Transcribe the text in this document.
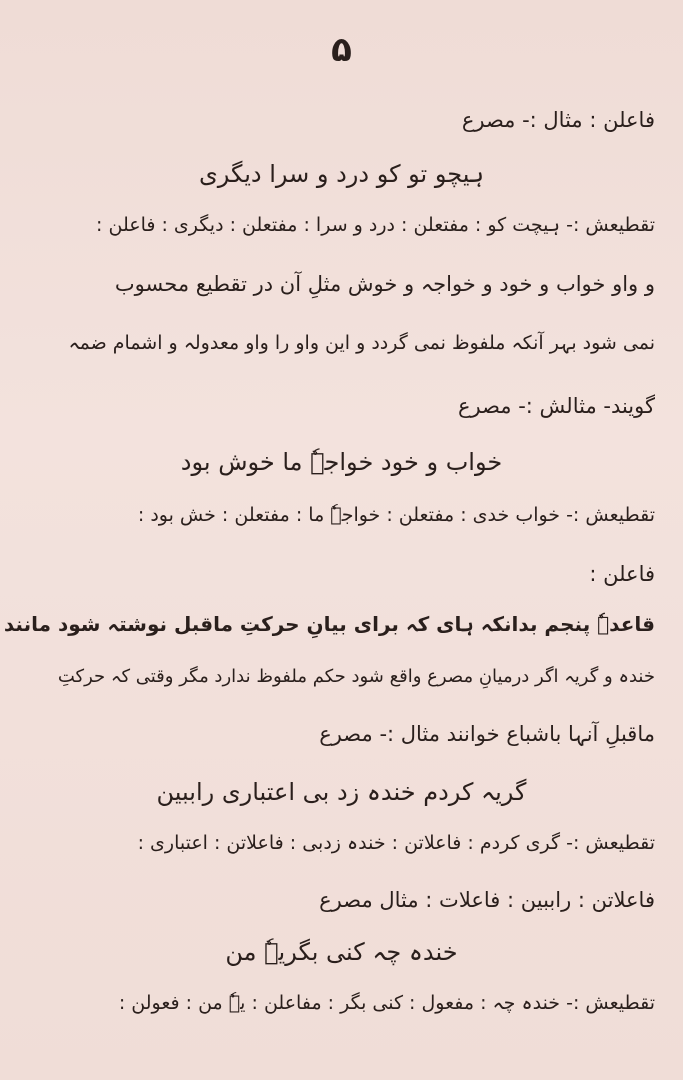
۵
فاعلن : مثال :- مصرع
ہیچو تو کو درد و سرا دیگری
تقطیعش :- ہیچت کو : مفتعلن : درد و سرا : مفتعلن : دیگری : فاعلن :
و واو خواب و خود و خواجہ و خوش مثلِ آن در تقطیع محسوب
نمی شود بہر آنکہ ملفوظ نمی گردد و این واو را واو معدولہ و اشمام ضمہ
گویند- مثالش :- مصرع
خواب و خود خواجہٗ ما خوش بود
تقطیعش :- خواب خدی : مفتعلن : خواجہٗ ما : مفتعلن : خش بود :
فاعلن :
قاعدہٗ پنجم بدانکہ ہای کہ برای بیانِ حرکتِ ماقبل نوشتہ شود مانند
خندہ و گریہ اگر درمیانِ مصرع واقع شود حکم ملفوظ ندارد مگر وقتی کہ حرکتِ
ماقبلِ آنہا باشباع خوانند مثال :- مصرع
گریہ کردم خندہ زد بی اعتباری راببین
تقطیعش :- گری کردم : فاعلاتن : خندہ زدبی : فاعلاتن : اعتباری :
فاعلاتن : راببین : فاعلات : مثال مصرع
خندہ چہ کنی بگریہٗ من
تقطیعش :- خندہ چہ : مفعول : کنی بگر : مفاعلن : یہٗ من : فعولن :
